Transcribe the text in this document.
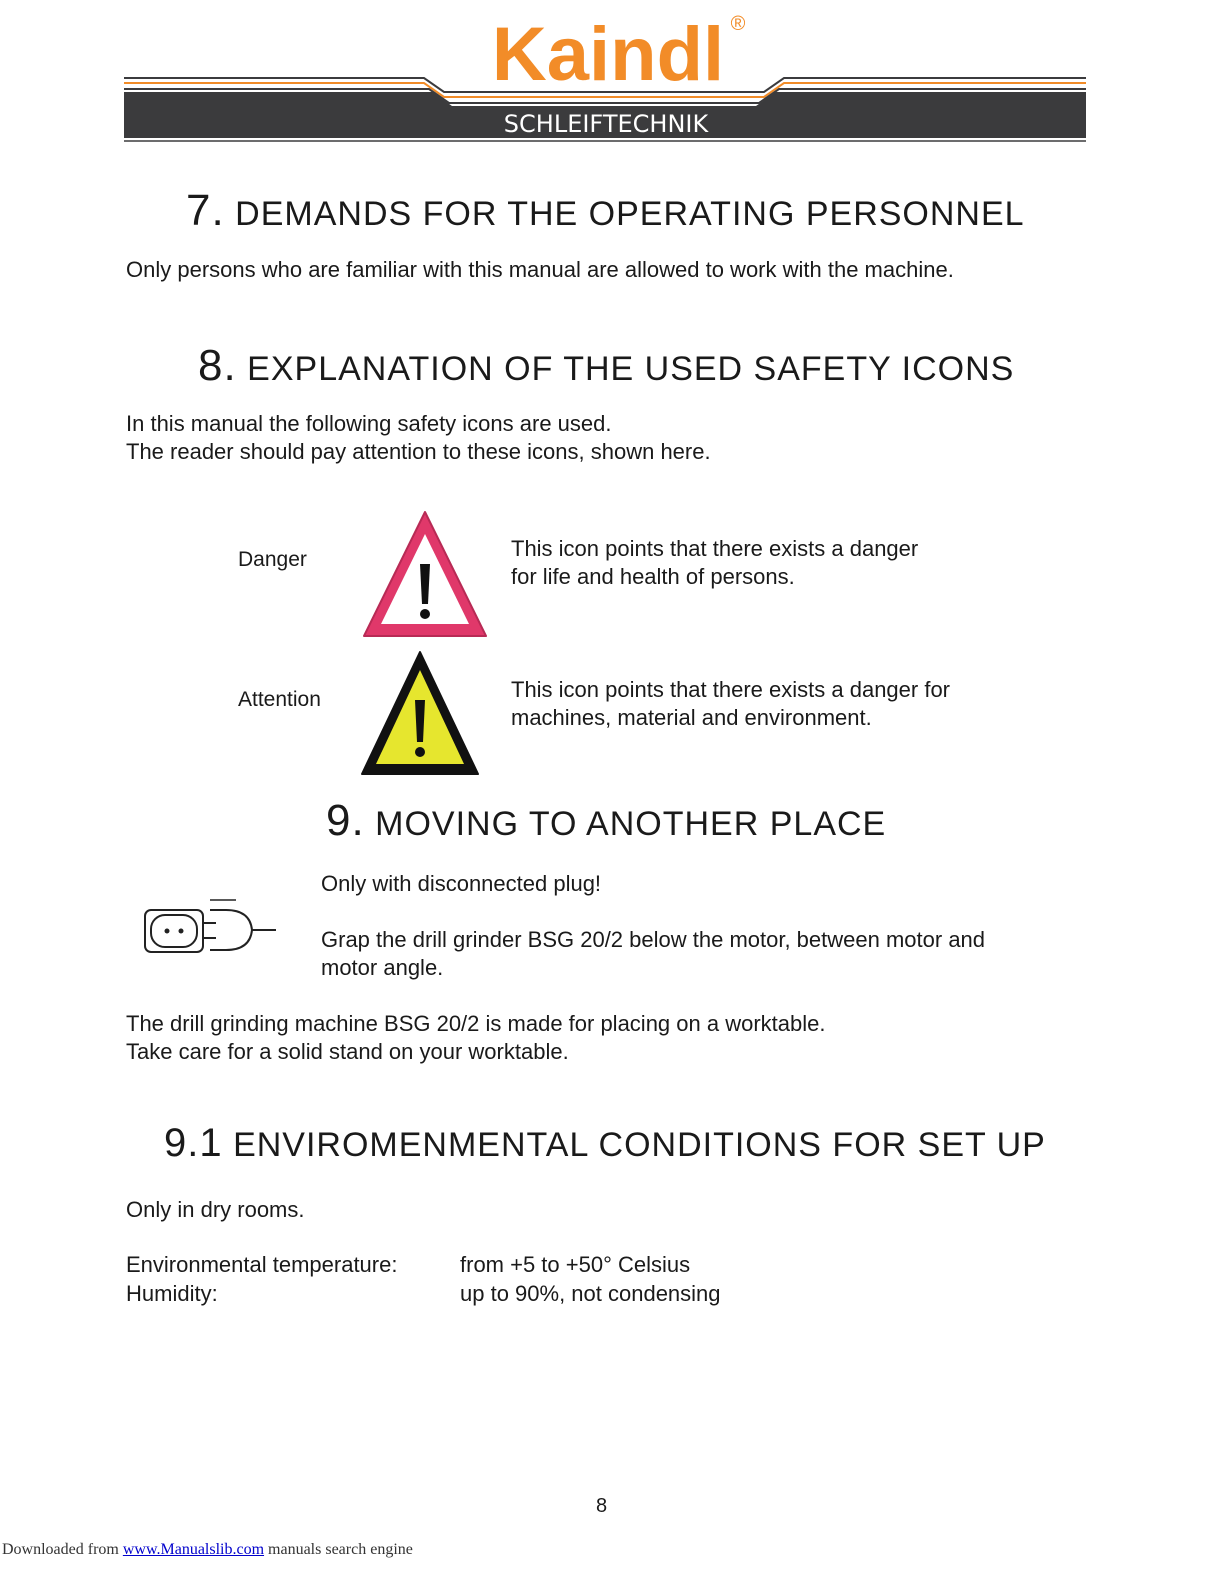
Kaindl ®
SCHLEIFTECHNIK
7. DEMANDS FOR THE OPERATING PERSONNEL
Only persons who are familiar with this manual are allowed to work with the machine.
8. EXPLANATION OF THE USED SAFETY ICONS
In this manual the following safety icons are used.
The reader should pay attention to these icons, shown here.
Danger	This icon points that there exists a danger
for life and health of persons.
Attention	This icon points that there exists a danger for
machines, material and environment.
9. MOVING TO ANOTHER PLACE
Only with disconnected plug!
Grap the drill grinder BSG 20/2 below the motor, between motor and
motor angle.
The drill grinding machine BSG 20/2 is made for placing on a worktable.
Take care for a solid stand on your worktable.
9.1 ENVIROMENMENTAL CONDITIONS FOR SET UP
Only in dry rooms.
Environmental temperature:	from +5 to +50° Celsius
Humidity:	up to 90%, not condensing
8
Downloaded from www.Manualslib.com manuals search engine
